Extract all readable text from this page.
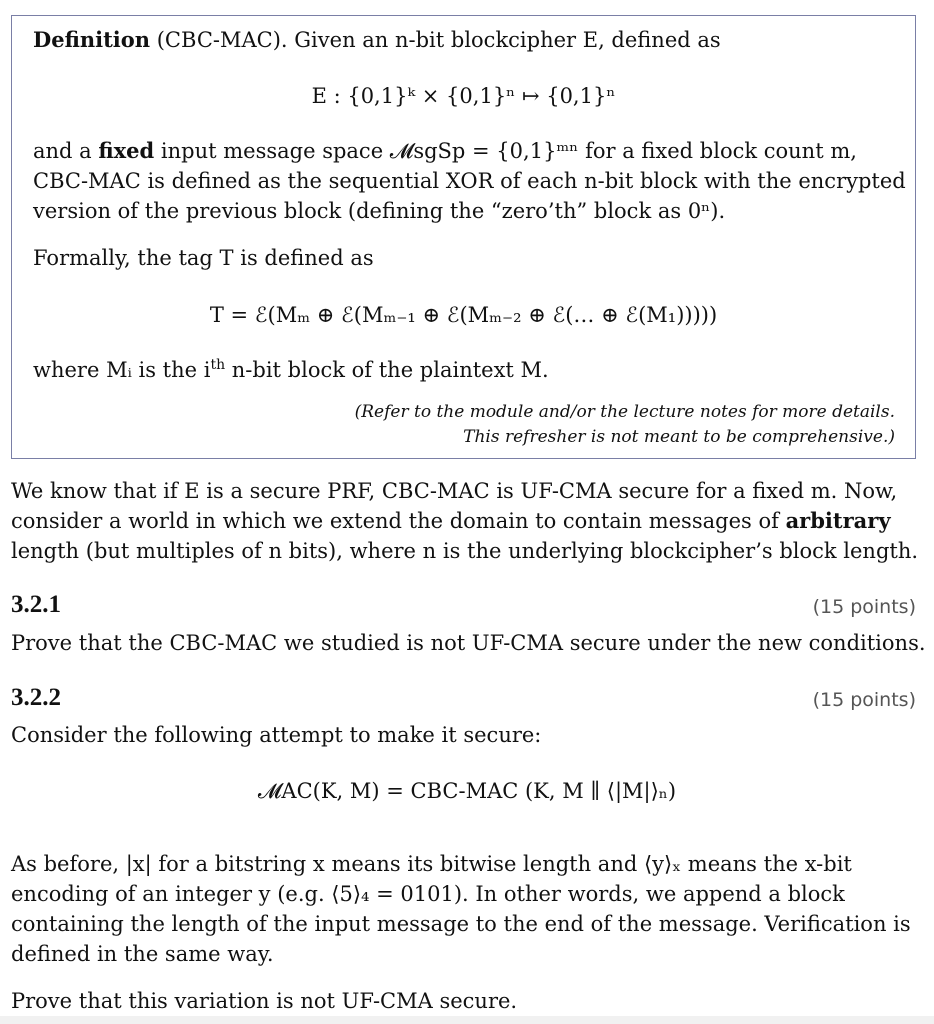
Definition (CBC-MAC). Given an n-bit blockcipher E, defined as
E : {0,1}ᵏ × {0,1}ⁿ ↦ {0,1}ⁿ
and a fixed input message space 𝓜sgSp = {0,1}ᵐⁿ for a fixed block count m,
CBC-MAC is defined as the sequential XOR of each n-bit block with the encrypted
version of the previous block (defining the “zero’th” block as 0ⁿ).
Formally, the tag T is defined as
T = ℰ(Mₘ ⊕ ℰ(Mₘ₋₁ ⊕ ℰ(Mₘ₋₂ ⊕ ℰ(… ⊕ ℰ(M₁)))))
where Mᵢ is the $i^{th}$ n-bit block of the plaintext M.
(Refer to the module and/or the lecture notes for more details.
This refresher is not meant to be comprehensive.)
We know that if E is a secure PRF, CBC-MAC is UF-CMA secure for a fixed m. Now,
consider a world in which we extend the domain to contain messages of arbitrary
length (but multiples of n bits), where n is the underlying blockcipher’s block length.
3.2.1	(15 points)
Prove that the CBC-MAC we studied is not UF-CMA secure under the new conditions.
3.2.2	(15 points)
Consider the following attempt to make it secure:
𝓜AC(K, M) = CBC-MAC (K, M ∥ ⟨|M|⟩ₙ)
As before, |x| for a bitstring x means its bitwise length and ⟨y⟩ₓ means the x-bit
encoding of an integer y (e.g. ⟨5⟩₄ = 0101). In other words, we append a block
containing the length of the input message to the end of the message. Verification is
defined in the same way.
Prove that this variation is not UF-CMA secure.
